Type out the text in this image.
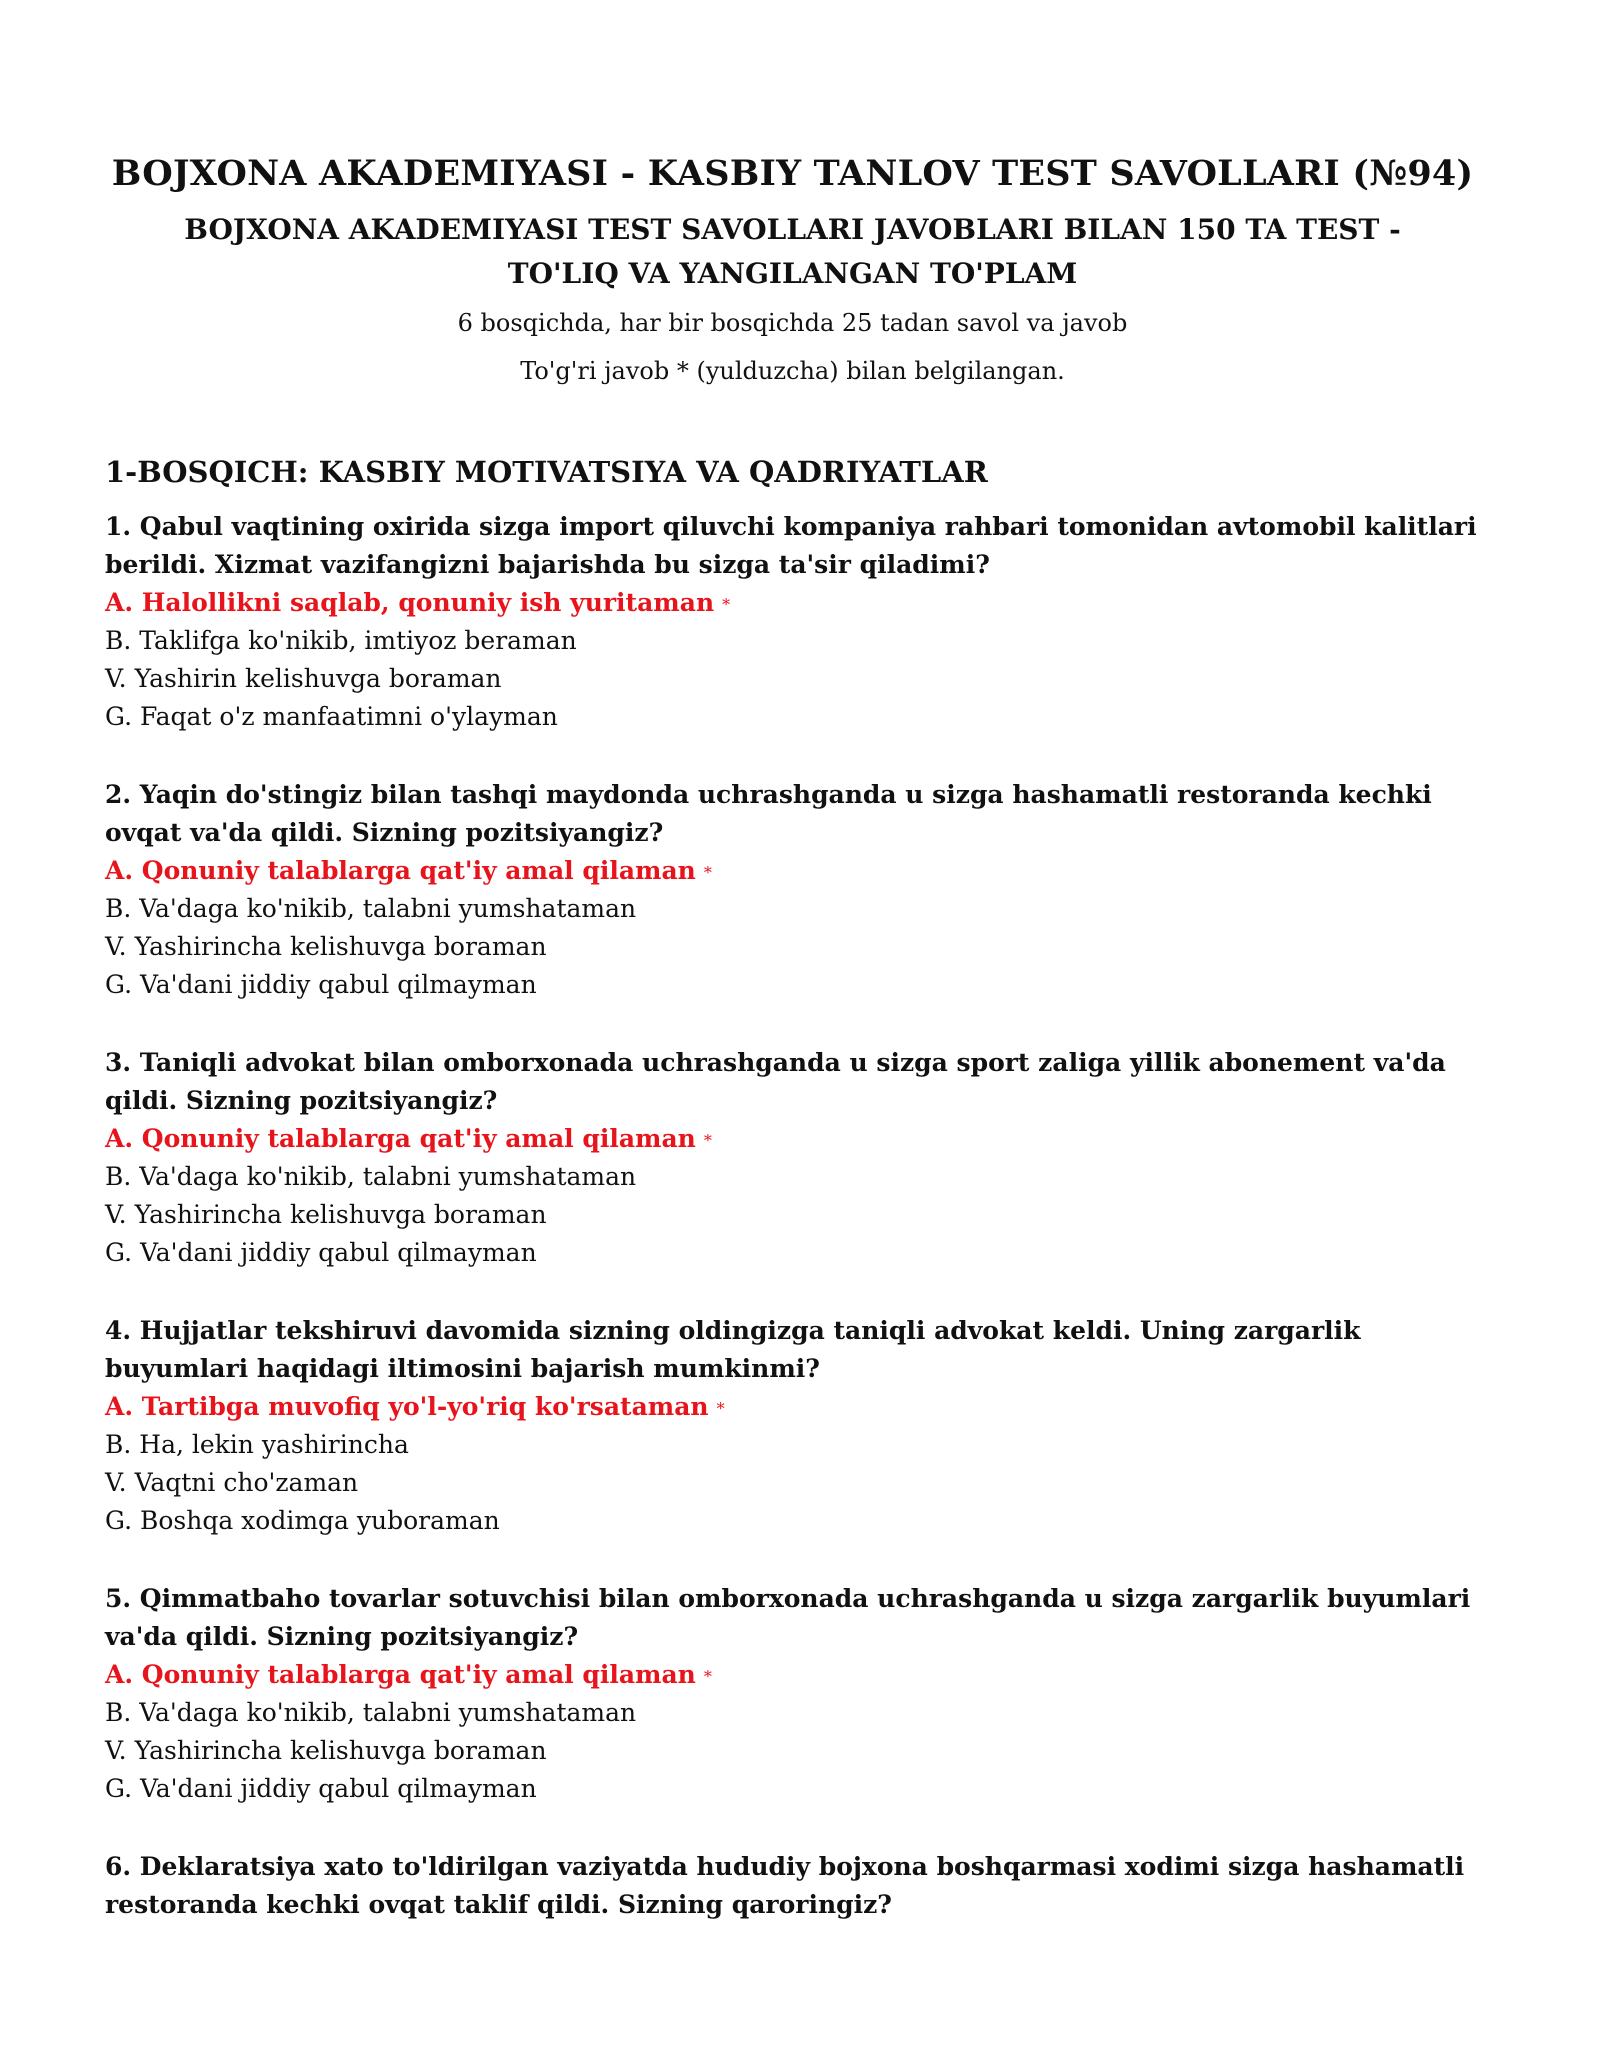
BOJXONA AKADEMIYASI - KASBIY TANLOV TEST SAVOLLARI (№94)
BOJXONA AKADEMIYASI TEST SAVOLLARI JAVOBLARI BILAN 150 TA TEST - TO'LIQ VA YANGILANGAN TO'PLAM
6 bosqichda, har bir bosqichda 25 tadan savol va javob
To'g'ri javob * (yulduzcha) bilan belgilangan.
1-BOSQICH: KASBIY MOTIVATSIYA VA QADRIYATLAR

1. Qabul vaqtining oxirida sizga import qiluvchi kompaniya rahbari tomonidan avtomobil kalitlari berildi. Xizmat vazifangizni bajarishda bu sizga ta'sir qiladimi?

A. Halollikni saqlab, qonuniy ish yuritaman *

B. Taklifga ko'nikib, imtiyoz beraman

V. Yashirin kelishuvga boraman

G. Faqat o'z manfaatimni o'ylayman

2. Yaqin do'stingiz bilan tashqi maydonda uchrashganda u sizga hashamatli restoranda kechki ovqat va'da qildi. Sizning pozitsiyangiz?

A. Qonuniy talablarga qat'iy amal qilaman *

B. Va'daga ko'nikib, talabni yumshataman

V. Yashirincha kelishuvga boraman

G. Va'dani jiddiy qabul qilmayman

3. Taniqli advokat bilan omborxonada uchrashganda u sizga sport zaliga yillik abonement va'da qildi. Sizning pozitsiyangiz?

A. Qonuniy talablarga qat'iy amal qilaman *

B. Va'daga ko'nikib, talabni yumshataman

V. Yashirincha kelishuvga boraman

G. Va'dani jiddiy qabul qilmayman

4. Hujjatlar tekshiruvi davomida sizning oldingizga taniqli advokat keldi. Uning zargarlik buyumlari haqidagi iltimosini bajarish mumkinmi?

A. Tartibga muvofiq yo'l-yo'riq ko'rsataman *

B. Ha, lekin yashirincha

V. Vaqtni cho'zaman

G. Boshqa xodimga yuboraman

5. Qimmatbaho tovarlar sotuvchisi bilan omborxonada uchrashganda u sizga zargarlik buyumlari va'da qildi. Sizning pozitsiyangiz?

A. Qonuniy talablarga qat'iy amal qilaman *

B. Va'daga ko'nikib, talabni yumshataman

V. Yashirincha kelishuvga boraman

G. Va'dani jiddiy qabul qilmayman

6. Deklaratsiya xato to'ldirilgan vaziyatda hududiy bojxona boshqarmasi xodimi sizga hashamatli restoranda kechki ovqat taklif qildi. Sizning qaroringiz?
